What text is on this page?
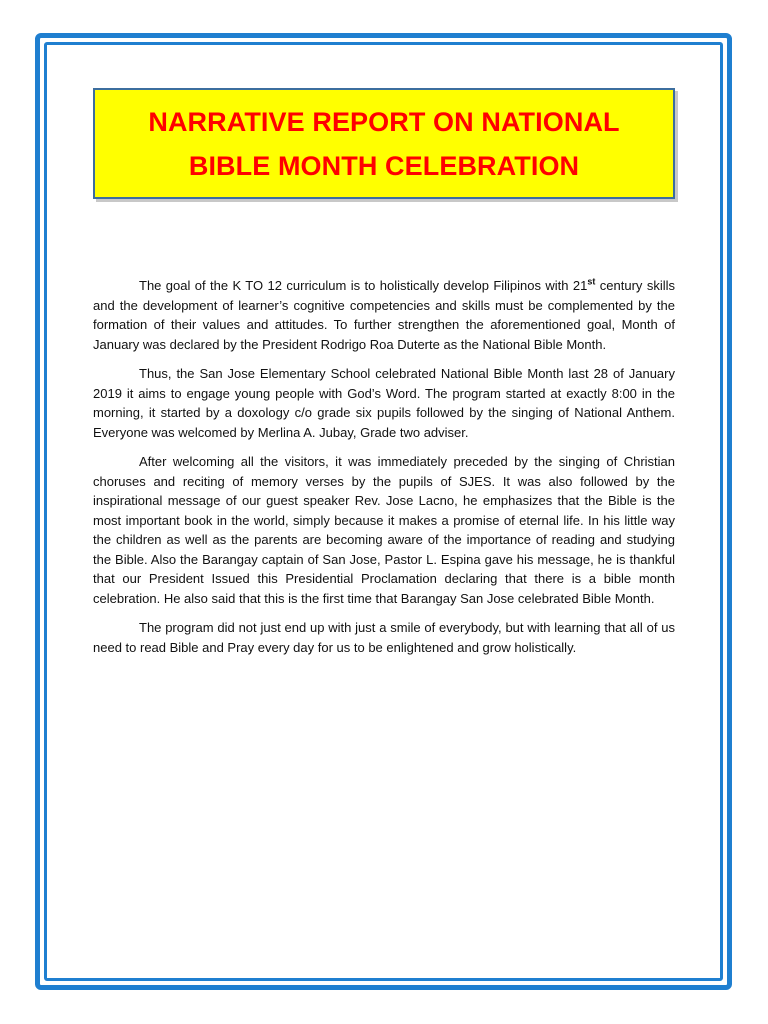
NARRATIVE REPORT ON NATIONAL
BIBLE MONTH CELEBRATION

The goal of the K TO 12 curriculum is to holistically develop Filipinos with 21st century skills and the development of learner’s cognitive competencies and skills must be complemented by the formation of their values and attitudes. To further strengthen the aforementioned goal, Month of January was declared by the President Rodrigo Roa Duterte as the National Bible Month.

Thus, the San Jose Elementary School celebrated National Bible Month last 28 of January 2019 it aims to engage young people with God’s Word. The program started at exactly 8:00 in the morning, it started by a doxology c/o grade six pupils followed by the singing of National Anthem. Everyone was welcomed by Merlina A. Jubay, Grade two adviser.

After welcoming all the visitors, it was immediately preceded by the singing of Christian choruses and reciting of memory verses by the pupils of SJES. It was also followed by the inspirational message of our guest speaker Rev. Jose Lacno, he emphasizes that the Bible is the most important book in the world, simply because it makes a promise of eternal life. In his little way the children as well as the parents are becoming aware of the importance of reading and studying the Bible. Also the Barangay captain of San Jose, Pastor L. Espina gave his message, he is thankful that our President Issued this Presidential Proclamation declaring that there is a bible month celebration. He also said that this is the first time that Barangay San Jose celebrated Bible Month.

The program did not just end up with just a smile of everybody, but with learning that all of us need to read Bible and Pray every day for us to be enlightened and grow holistically.
